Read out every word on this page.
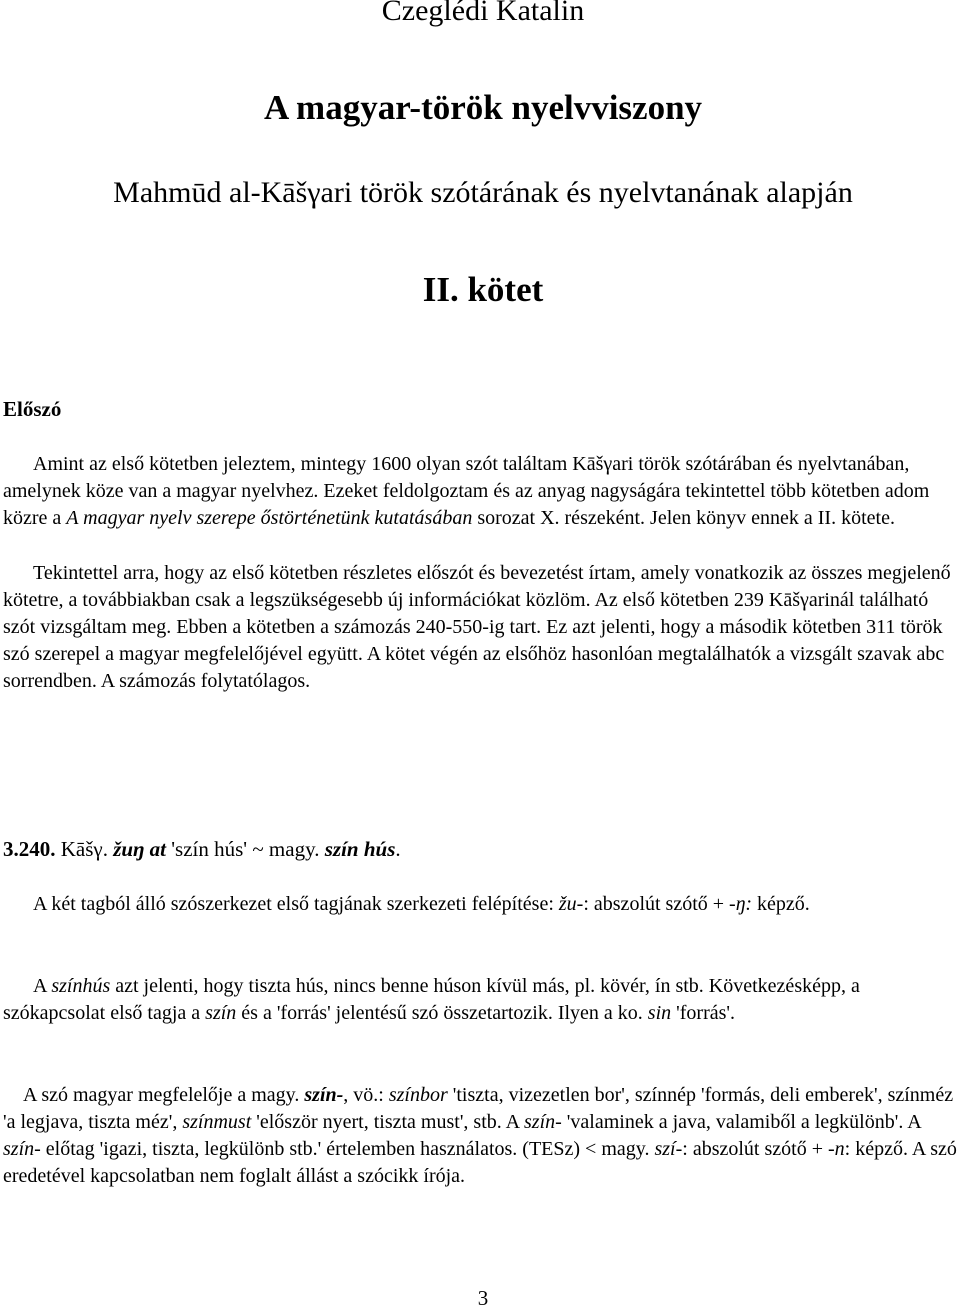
Czeglédi Katalin
A magyar-török nyelvviszony
Mahmūd al-Kāšγari török szótárának és nyelvtanának alapján
II. kötet
Előszó
Amint az első kötetben jeleztem, mintegy 1600 olyan szót találtam Kāšγari török szótárában és nyelvtanában, amelynek köze van a magyar nyelvhez. Ezeket feldolgoztam és az anyag nagyságára tekintettel több kötetben adom közre a A magyar nyelv szerepe őstörténetünk kutatásában sorozat X. részeként. Jelen könyv ennek a II. kötete.
Tekintettel arra, hogy az első kötetben részletes előszót és bevezetést írtam, amely vonatkozik az összes megjelenő kötetre, a továbbiakban csak a legszükségesebb új információkat közlöm. Az első kötetben 239 Kāšγarinál található szót vizsgáltam meg. Ebben a kötetben a számozás 240-550-ig tart. Ez azt jelenti, hogy a második kötetben 311 török szó szerepel a magyar megfelelőjével együtt. A kötet végén az elsőhöz hasonlóan megtalálhatók a vizsgált szavak abc sorrendben. A számozás folytatólagos.
3.240. Kāšγ. žuŋ at 'szín hús' ~ magy. szín hús.
A két tagból álló szószerkezet első tagjának szerkezeti felépítése: žu-: abszolút szótő + -ŋ: képző.
A színhús azt jelenti, hogy tiszta hús, nincs benne húson kívül más, pl. kövér, ín stb. Következésképp, a szókapcsolat első tagja a szín és a 'forrás' jelentésű szó összetartozik. Ilyen a ko. sin 'forrás'.
A szó magyar megfelelője a magy. szín-, vö.: színbor 'tiszta, vizezetlen bor', színnép 'formás, deli emberek', színméz 'a legjava, tiszta méz', színmust 'először nyert, tiszta must', stb. A szín- 'valaminek a java, valamiből a legkülönb'. A szín- előtag 'igazi, tiszta, legkülönb stb.' értelemben használatos. (TESz) < magy. szí-: abszolút szótő + -n: képző. A szó eredetével kapcsolatban nem foglalt állást a szócikk írója.
3
